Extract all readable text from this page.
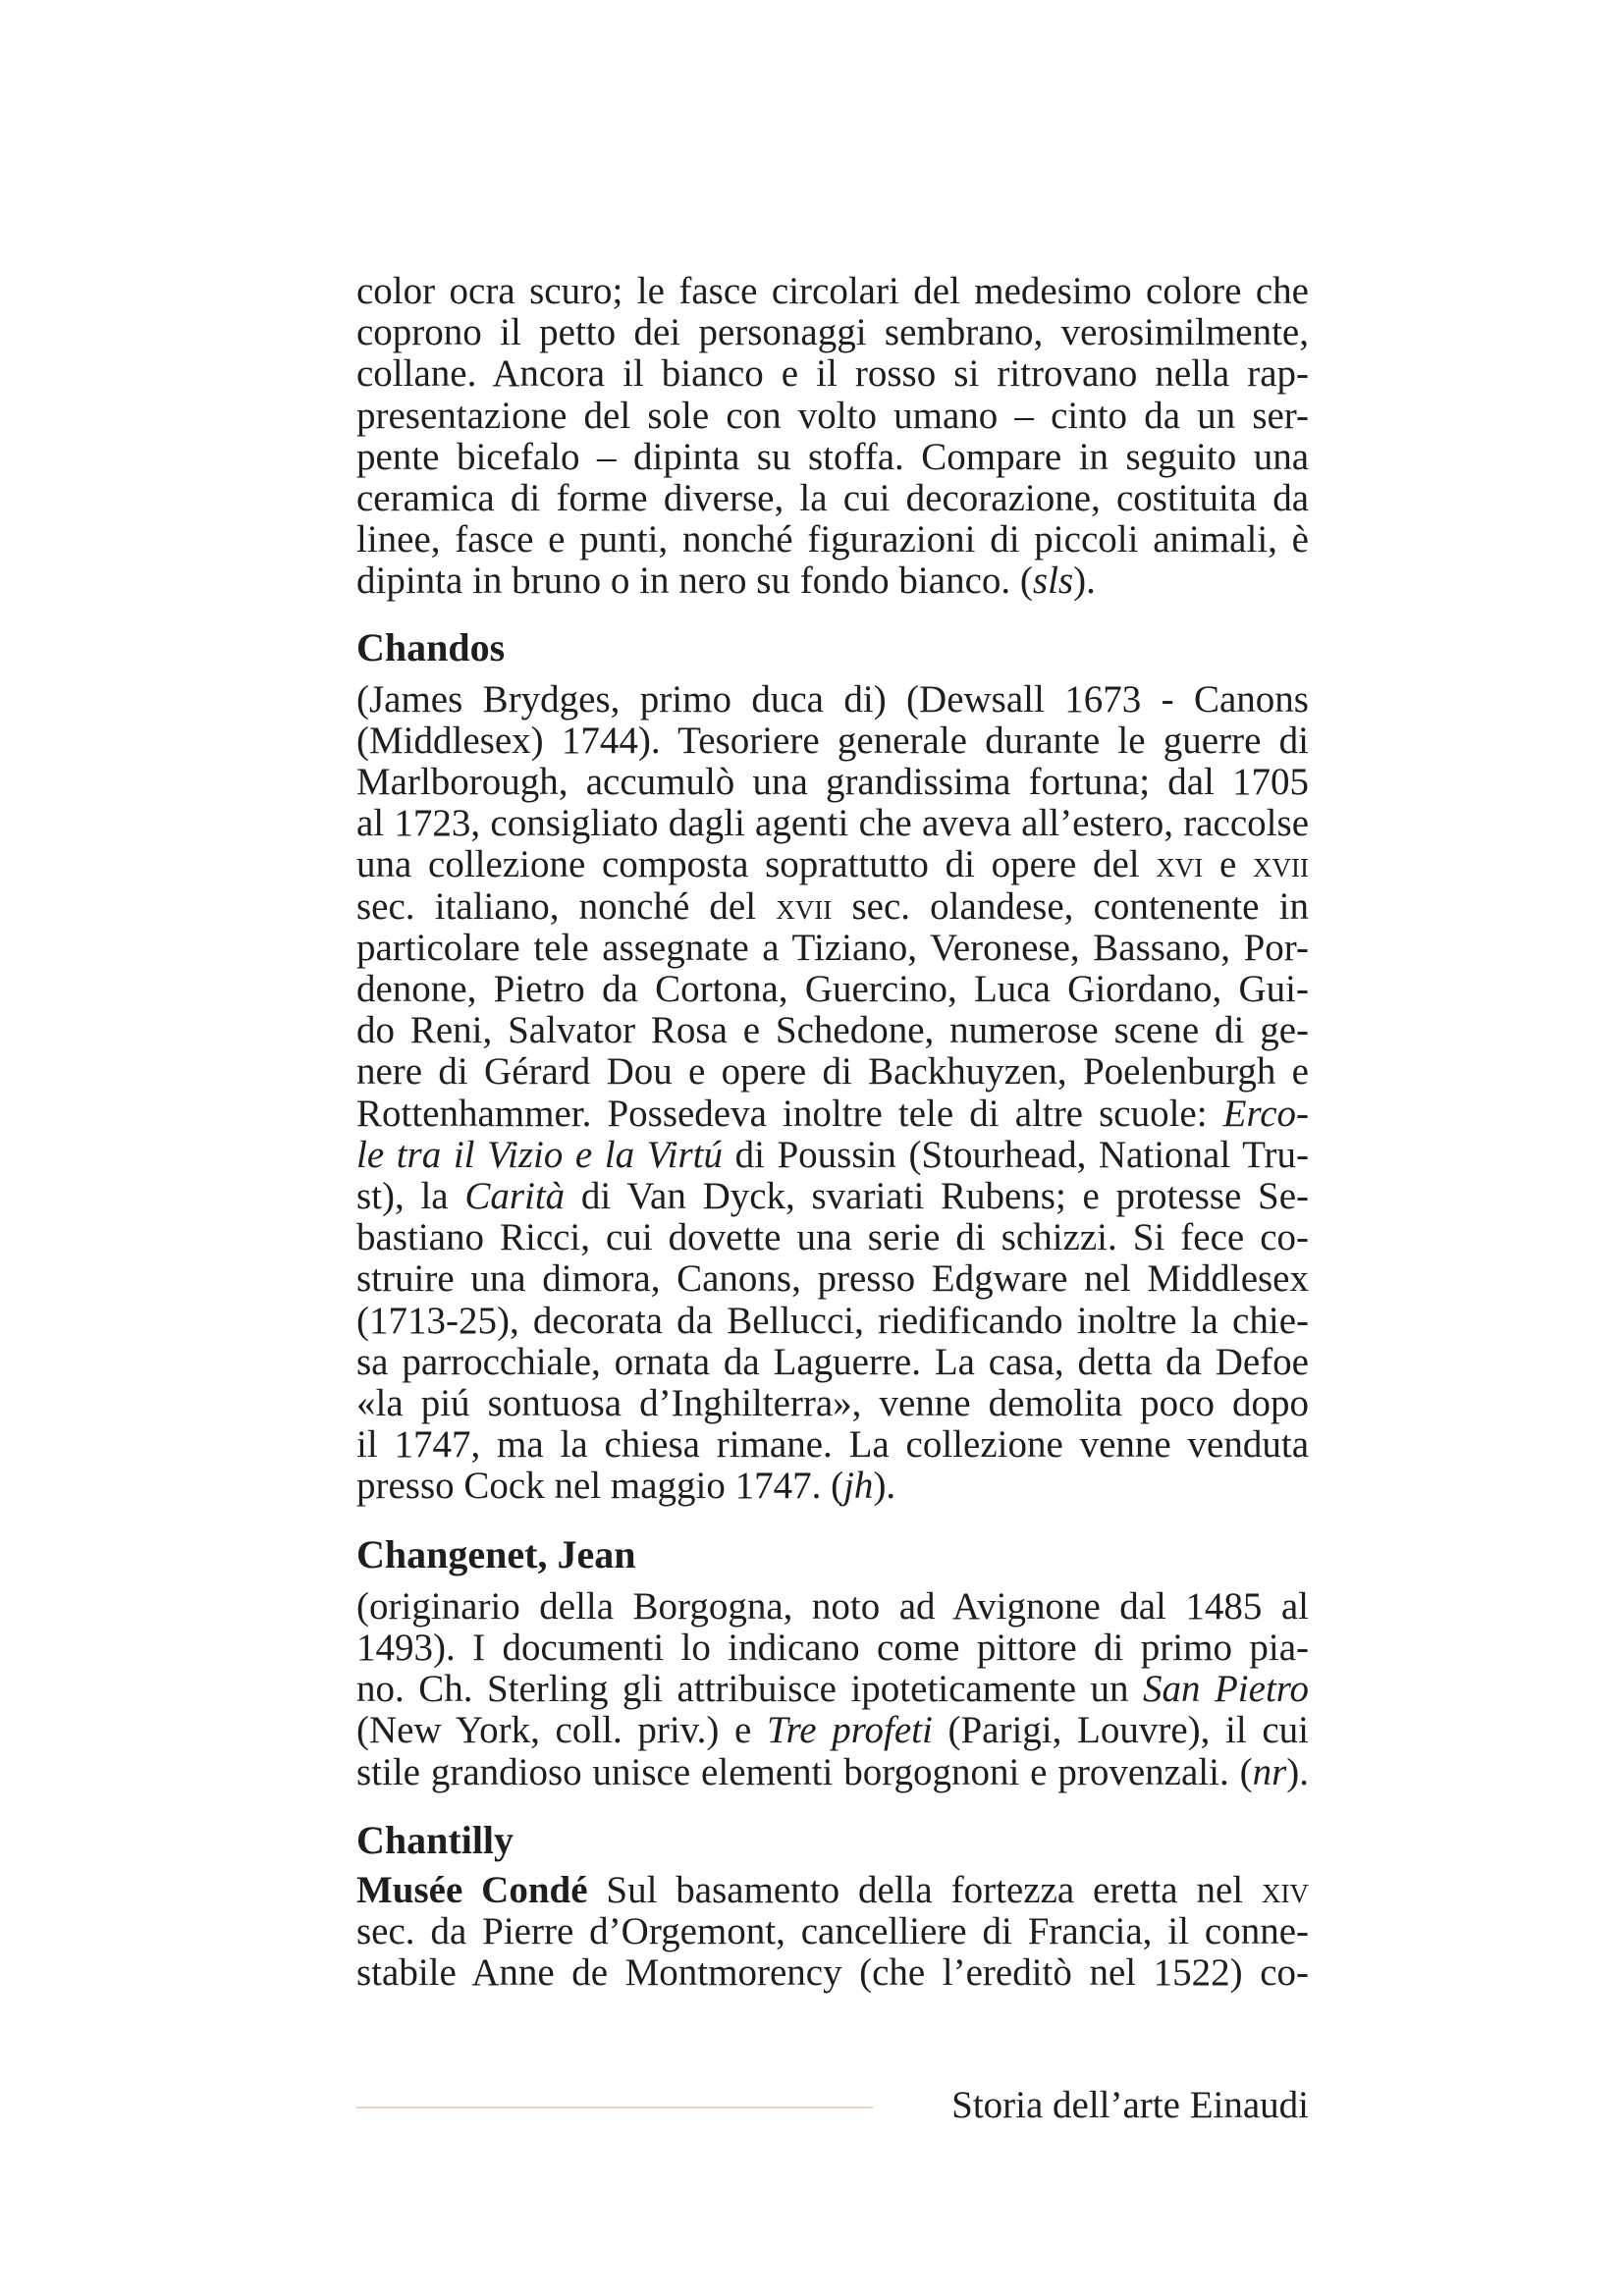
color ocra scuro; le fasce circolari del medesimo colore che
coprono il petto dei personaggi sembrano, verosimilmente,
collane. Ancora il bianco e il rosso si ritrovano nella rap-
presentazione del sole con volto umano – cinto da un ser-
pente bicefalo – dipinta su stoffa. Compare in seguito una
ceramica di forme diverse, la cui decorazione, costituita da
linee, fasce e punti, nonché figurazioni di piccoli animali, è
dipinta in bruno o in nero su fondo bianco. (sls).
Chandos
(James Brydges, primo duca di) (Dewsall 1673 - Canons
(Middlesex) 1744). Tesoriere generale durante le guerre di
Marlborough, accumulò una grandissima fortuna; dal 1705
al 1723, consigliato dagli agenti che aveva all’estero, raccolse
una collezione composta soprattutto di opere del xvi e xvii
sec. italiano, nonché del xvii sec. olandese, contenente in
particolare tele assegnate a Tiziano, Veronese, Bassano, Por-
denone, Pietro da Cortona, Guercino, Luca Giordano, Gui-
do Reni, Salvator Rosa e Schedone, numerose scene di ge-
nere di Gérard Dou e opere di Backhuyzen, Poelenburgh e
Rottenhammer. Possedeva inoltre tele di altre scuole: Erco-
le tra il Vizio e la Virtú di Poussin (Stourhead, National Tru-
st), la Carità di Van Dyck, svariati Rubens; e protesse Se-
bastiano Ricci, cui dovette una serie di schizzi. Si fece co-
struire una dimora, Canons, presso Edgware nel Middlesex
(1713-25), decorata da Bellucci, riedificando inoltre la chie-
sa parrocchiale, ornata da Laguerre. La casa, detta da Defoe
«la piú sontuosa d’Inghilterra», venne demolita poco dopo
il 1747, ma la chiesa rimane. La collezione venne venduta
presso Cock nel maggio 1747. (jh).
Changenet, Jean
(originario della Borgogna, noto ad Avignone dal 1485 al
1493). I documenti lo indicano come pittore di primo pia-
no. Ch. Sterling gli attribuisce ipoteticamente un San Pietro
(New York, coll. priv.) e Tre profeti (Parigi, Louvre), il cui
stile grandioso unisce elementi borgognoni e provenzali. (nr).
Chantilly
Musée Condé Sul basamento della fortezza eretta nel xiv
sec. da Pierre d’Orgemont, cancelliere di Francia, il conne-
stabile Anne de Montmorency (che l’ereditò nel 1522) co-
Storia dell’arte Einaudi
